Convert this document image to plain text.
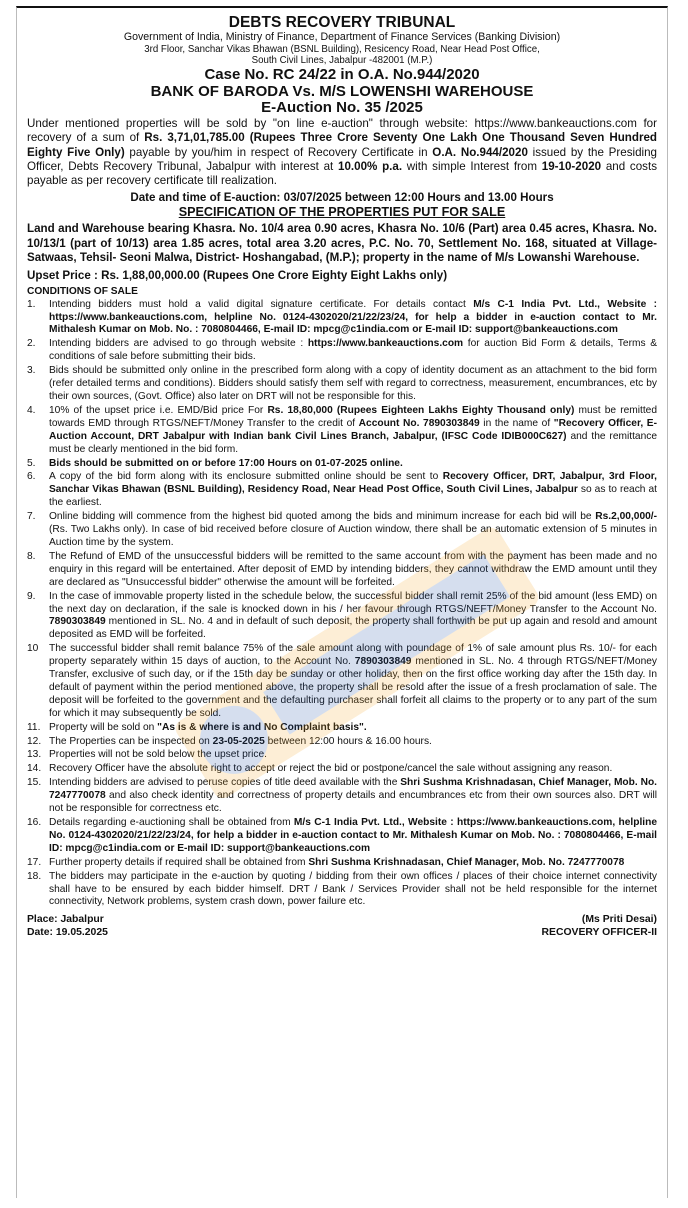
DEBTS RECOVERY TRIBUNAL
Government of India, Ministry of Finance, Department of Finance Services (Banking Division)
3rd Floor, Sanchar Vikas Bhawan (BSNL Building), Resicency Road, Near Head Post Office,
South Civil Lines, Jabalpur -482001 (M.P.)
Case No. RC 24/22 in O.A. No.944/2020
BANK OF BARODA Vs. M/S LOWENSHI WAREHOUSE
E-Auction No. 35 /2025
Under mentioned properties will be sold by "on line e-auction" through website: https://www.bankeauctions.com for recovery of a sum of Rs. 3,71,01,785.00 (Rupees Three Crore Seventy One Lakh One Thousand Seven Hundred Eighty Five Only) payable by you/him in respect of Recovery Certificate in O.A. No.944/2020 issued by the Presiding Officer, Debts Recovery Tribunal, Jabalpur with interest at 10.00% p.a. with simple Interest from 19-10-2020 and costs payable as per recovery certificate till realization.
Date and time of E-auction: 03/07/2025 between 12:00 Hours and 13.00 Hours
SPECIFICATION OF THE PROPERTIES PUT FOR SALE
Land and Warehouse bearing Khasra. No. 10/4 area 0.90 acres, Khasra No. 10/6 (Part) area 0.45 acres, Khasra. No. 10/13/1 (part of 10/13) area 1.85 acres, total area 3.20 acres, P.C. No. 70, Settlement No. 168, situated at Village- Satwaas, Tehsil- Seoni Malwa, District- Hoshangabad, (M.P.); property in the name of M/s Lowanshi Warehouse.
Upset Price : Rs. 1,88,00,000.00 (Rupees One Crore Eighty Eight Lakhs only)
CONDITIONS OF SALE
1.	Intending bidders must hold a valid digital signature certificate. For details contact M/s C-1 India Pvt. Ltd., Website : https://www.bankeauctions.com, helpline No. 0124-4302020/21/22/23/24, for help a bidder in e-auction contact to Mr. Mithalesh Kumar on Mob. No. : 7080804466, E-mail ID: mpcg@c1india.com or E-mail ID: support@bankeauctions.com
2.	Intending bidders are advised to go through website : https://www.bankeauctions.com for auction Bid Form & details, Terms & conditions of sale before submitting their bids.
3.	Bids should be submitted only online in the prescribed form along with a copy of identity document as an attachment to the bid form (refer detailed terms and conditions). Bidders should satisfy them self with regard to correctness, measurement, encumbrances, etc by their own sources, (Govt. Office) also later on DRT will not be responsible for this.
4.	10% of the upset price i.e. EMD/Bid price For Rs. 18,80,000 (Rupees Eighteen Lakhs Eighty Thousand only) must be remitted towards EMD through RTGS/NEFT/Money Transfer to the credit of Account No. 7890303849 in the name of "Recovery Officer, E-Auction Account, DRT Jabalpur with Indian bank Civil Lines Branch, Jabalpur, (IFSC Code IDIB000C627) and the remittance must be clearly mentioned in the bid form.
5.	Bids should be submitted on or before 17:00 Hours on 01-07-2025 online.
6.	A copy of the bid form along with its enclosure submitted online should be sent to Recovery Officer, DRT, Jabalpur, 3rd Floor, Sanchar Vikas Bhawan (BSNL Building), Residency Road, Near Head Post Office, South Civil Lines, Jabalpur so as to reach at the earliest.
7.	Online bidding will commence from the highest bid quoted among the bids and minimum increase for each bid will be Rs.2,00,000/-(Rs. Two Lakhs only). In case of bid received before closure of Auction window, there shall be an automatic extension of 5 minutes in Auction time by the system.
8.	The Refund of EMD of the unsuccessful bidders will be remitted to the same account from with the payment has been made and no enquiry in this regard will be entertained. After deposit of EMD by intending bidders, they cannot withdraw the EMD amount until they are declared as "Unsuccessful bidder" otherwise the amount will be forfeited.
9.	In the case of immovable property listed in the schedule below, the successful bidder shall remit 25% of the bid amount (less EMD) on the next day on declaration, if the sale is knocked down in his / her favour through RTGS/NEFT/Money Transfer to the Account No. 7890303849 mentioned in SL. No. 4 and in default of such deposit, the property shall forthwith be put up again and resold and amount deposited as EMD will be forfeited.
10	The successful bidder shall remit balance 75% of the sale amount along with poundage of 1% of sale amount plus Rs. 10/- for each property separately within 15 days of auction, to the Account No. 7890303849 mentioned in SL. No. 4 through RTGS/NEFT/Money Transfer, exclusive of such day, or if the 15th day be sunday or other holiday, then on the first office working day after the 15th day. In default of payment within the period mentioned above, the property shall be resold after the issue of a fresh proclamation of sale. The deposit will be forfeited to the government and the defaulting purchaser shall forfeit all claims to the property or to any part of the sum for which it may subsequently be sold.
11. Property will be sold on "As is & where is and No Complaint basis".
12. The Properties can be inspected on 23-05-2025 between 12:00 hours & 16.00 hours.
13. Properties will not be sold below the upset price.
14. Recovery Officer have the absolute right to accept or reject the bid or postpone/cancel the sale without assigning any reason.
15. Intending bidders are advised to peruse copies of title deed available with the Shri Sushma Krishnadasan, Chief Manager, Mob. No. 7247770078 and also check identity and correctness of property details and encumbrances etc from their own sources also. DRT will not be responsible for correctness etc.
16. Details regarding e-auctioning shall be obtained from M/s C-1 India Pvt. Ltd., Website : https://www.bankeauctions.com, helpline No. 0124-4302020/21/22/23/24, for help a bidder in e-auction contact to Mr. Mithalesh Kumar on Mob. No. : 7080804466, E-mail ID: mpcg@c1india.com or E-mail ID: support@bankeauctions.com
17. Further property details if required shall be obtained from Shri Sushma Krishnadasan, Chief Manager, Mob. No. 7247770078
18. The bidders may participate in the e-auction by quoting / bidding from their own offices / places of their choice internet connectivity shall have to be ensured by each bidder himself. DRT / Bank / Services Provider shall not be held responsible for the internet connectivity, Network problems, system crash down, power failure etc.
Place: Jabalpur	(Ms Priti Desai)
Date: 19.05.2025	RECOVERY OFFICER-II
